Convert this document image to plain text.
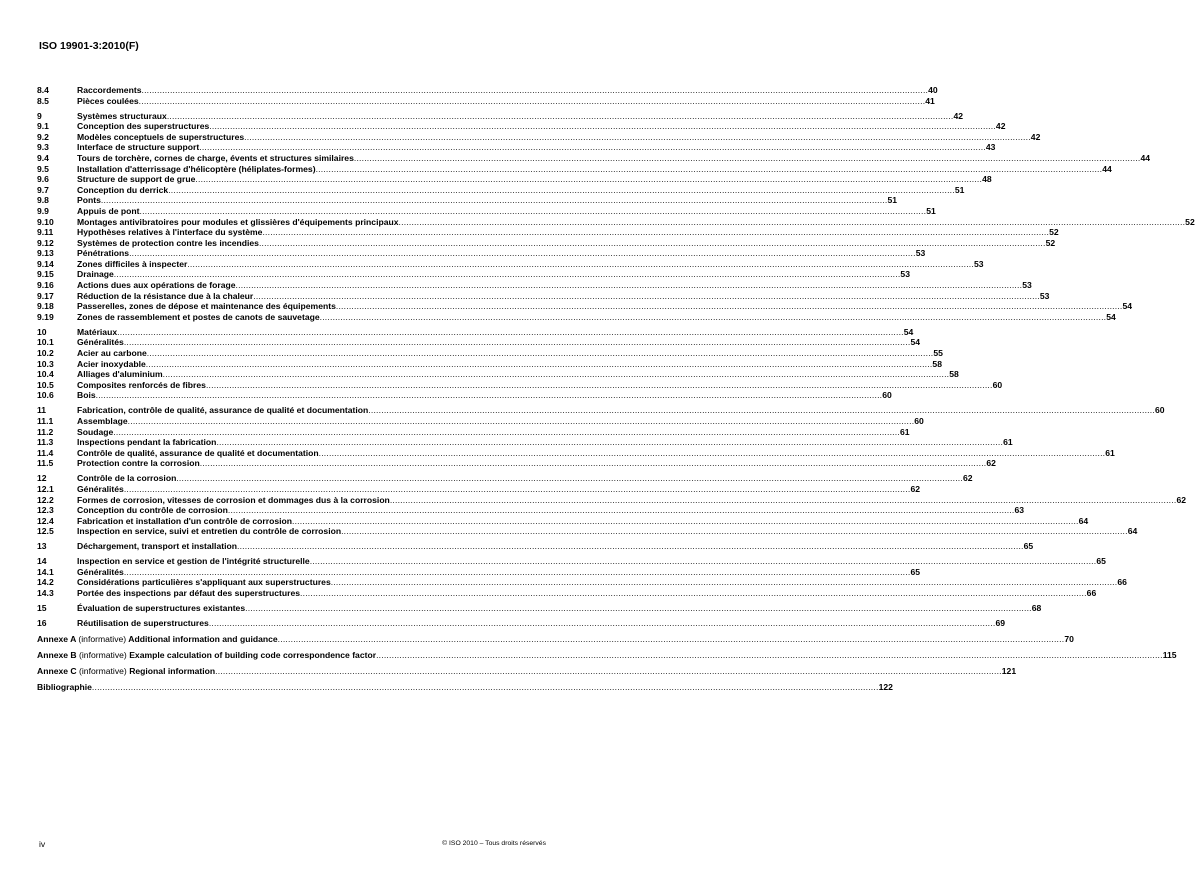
ISO 19901-3:2010(F)
8.4	Raccordements .....	40
8.5	Pièces coulées .....	41
9	Systèmes structuraux .....	42
9.1	Conception des superstructures .....	42
9.2	Modèles conceptuels de superstructures .....	42
9.3	Interface de structure support .....	43
9.4	Tours de torchère, cornes de charge, évents et structures similaires .....	44
9.5	Installation d'atterrissage d'hélicoptère (héliplates-formes) .....	44
9.6	Structure de support de grue .....	48
9.7	Conception du derrick .....	51
9.8	Ponts .....	51
9.9	Appuis de pont .....	51
9.10	Montages antivibratoires pour modules et glissières d'équipements principaux .....	52
9.11	Hypothèses relatives à l'interface du système .....	52
9.12	Systèmes de protection contre les incendies .....	52
9.13	Pénétrations .....	53
9.14	Zones difficiles à inspecter .....	53
9.15	Drainage .....	53
9.16	Actions dues aux opérations de forage .....	53
9.17	Réduction de la résistance due à la chaleur .....	53
9.18	Passerelles, zones de dépose et maintenance des équipements .....	54
9.19	Zones de rassemblement et postes de canots de sauvetage .....	54
10	Matériaux .....	54
10.1	Généralités .....	54
10.2	Acier au carbone .....	55
10.3	Acier inoxydable .....	58
10.4	Alliages d'aluminium .....	58
10.5	Composites renforcés de fibres .....	60
10.6	Bois .....	60
11	Fabrication, contrôle de qualité, assurance de qualité et documentation .....	60
11.1	Assemblage .....	60
11.2	Soudage .....	61
11.3	Inspections pendant la fabrication .....	61
11.4	Contrôle de qualité, assurance de qualité et documentation .....	61
11.5	Protection contre la corrosion .....	62
12	Contrôle de la corrosion .....	62
12.1	Généralités .....	62
12.2	Formes de corrosion, vitesses de corrosion et dommages dus à la corrosion .....	62
12.3	Conception du contrôle de corrosion .....	63
12.4	Fabrication et installation d'un contrôle de corrosion .....	64
12.5	Inspection en service, suivi et entretien du contrôle de corrosion .....	64
13	Déchargement, transport et installation .....	65
14	Inspection en service et gestion de l'intégrité structurelle .....	65
14.1	Généralités .....	65
14.2	Considérations particulières s'appliquant aux superstructures .....	66
14.3	Portée des inspections par défaut des superstructures .....	66
15	Évaluation de superstructures existantes .....	68
16	Réutilisation de superstructures .....	69
Annexe A (informative) Additional information and guidance .....	70
Annexe B (informative) Example calculation of building code correspondence factor .....	115
Annexe C (informative) Regional information .....	121
Bibliographie .....	122
iv	© ISO 2010 – Tous droits réservés
